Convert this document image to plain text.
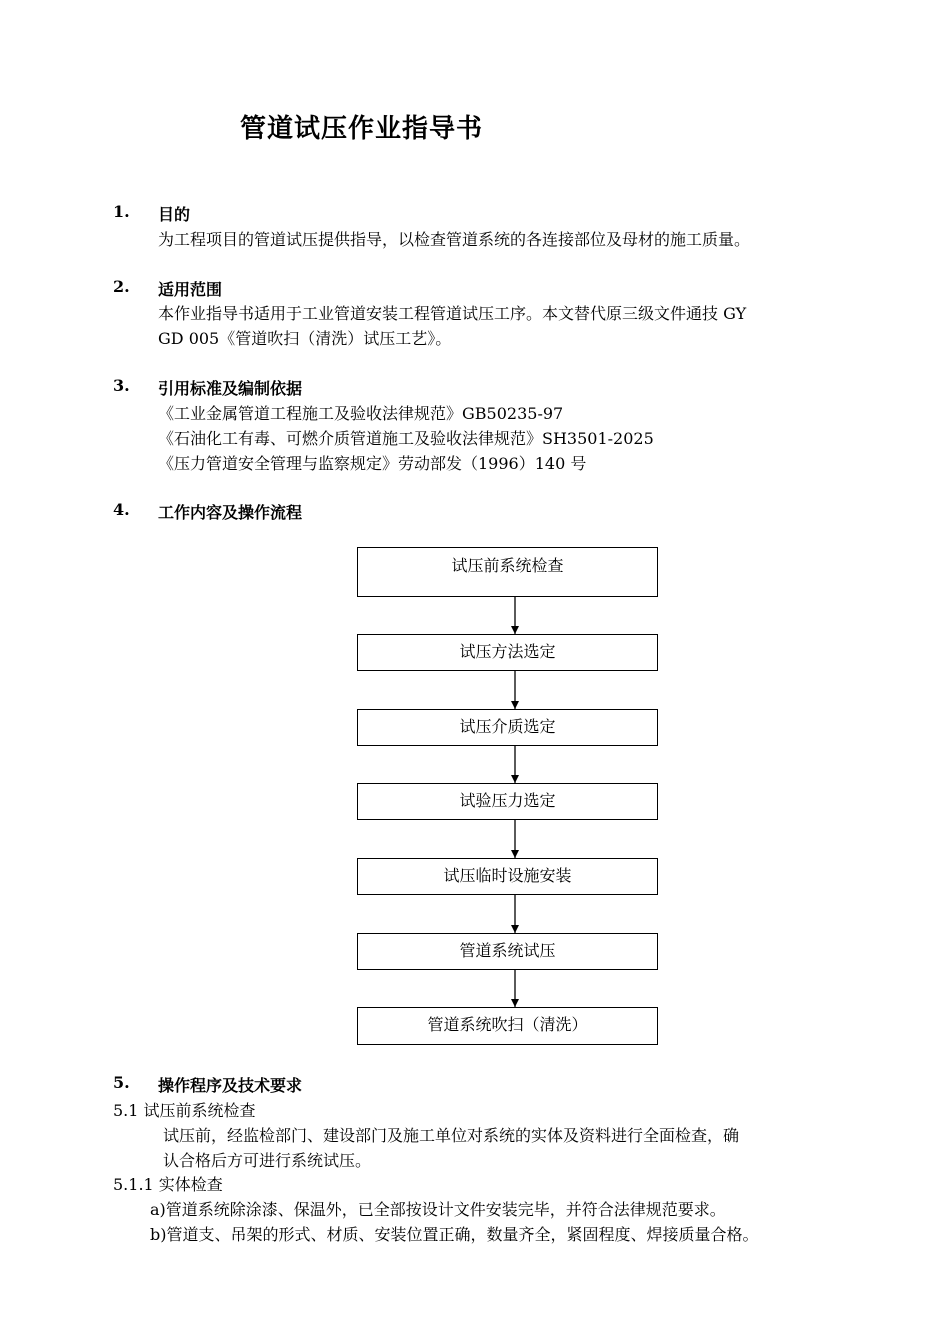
管道试压作业指导书
1. 目的
为工程项目的管道试压提供指导，以检查管道系统的各连接部位及母材的施工质量。
2. 适用范围
本作业指导书适用于工业管道安装工程管道试压工序。本文替代原三级文件通技 GY
GD 005《管道吹扫（清洗）试压工艺》。
3. 引用标准及编制依据
《工业金属管道工程施工及验收法律规范》GB50235-97
《石油化工有毒、可燃介质管道施工及验收法律规范》SH3501-2025
《压力管道安全管理与监察规定》劳动部发（1996）140 号
4. 工作内容及操作流程
试压前系统检查
试压方法选定
试压介质选定
试验压力选定
试压临时设施安装
管道系统试压
管道系统吹扫（清洗）
5. 操作程序及技术要求
5.1 试压前系统检查
试压前，经监检部门、建设部门及施工单位对系统的实体及资料进行全面检查，确
认合格后方可进行系统试压。
5.1.1 实体检查
a)管道系统除涂漆、保温外，已全部按设计文件安装完毕，并符合法律规范要求。
b)管道支、吊架的形式、材质、安装位置正确，数量齐全，紧固程度、焊接质量合格。
